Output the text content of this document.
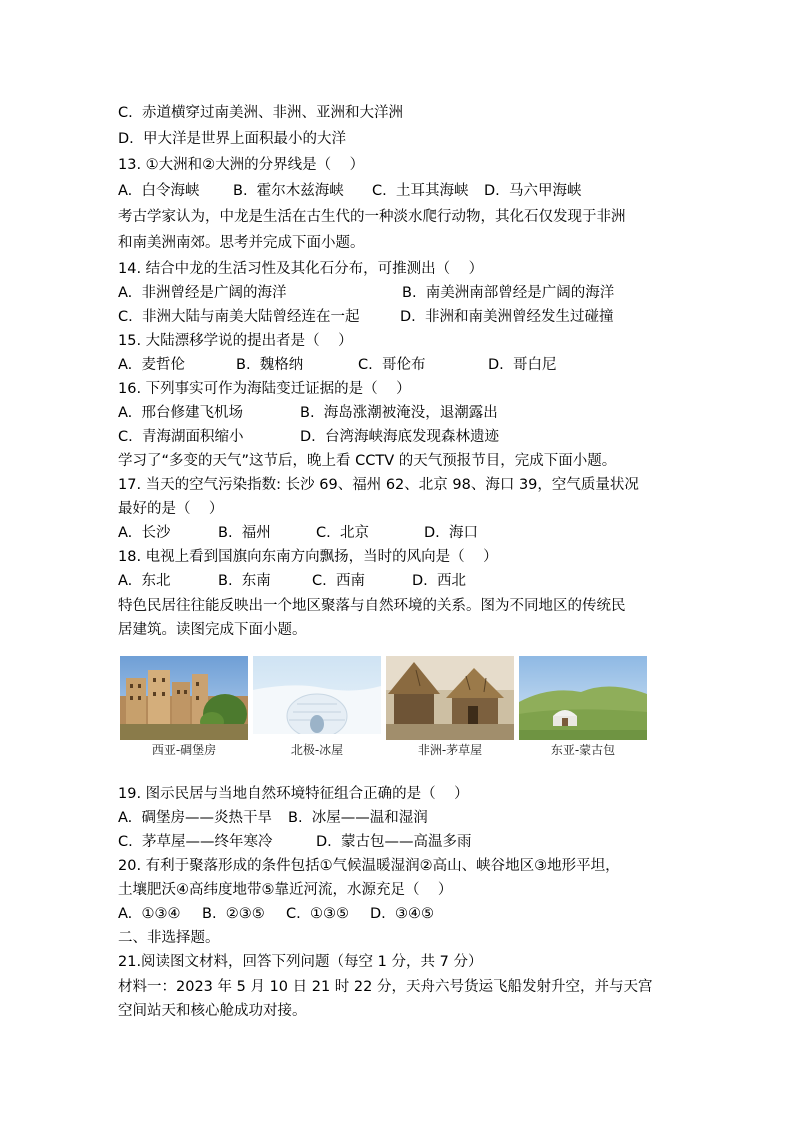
C.  赤道横穿过南美洲、非洲、亚洲和大洋洲
D.  甲大洋是世界上面积最小的大洋
13. ①大洲和②大洲的分界线是（    ）
A.  白令海峡 B.  霍尔木兹海峡 C.  土耳其海峡 D.  马六甲海峡
考古学家认为，中龙是生活在古生代的一种淡水爬行动物，其化石仅发现于非洲
和南美洲南郊。思考并完成下面小题。
14. 结合中龙的生活习性及其化石分布，可推测出（    ）
A.  非洲曾经是广阔的海洋	B.  南美洲南部曾经是广阔的海洋
C.  非洲大陆与南美大陆曾经连在一起	D.  非洲和南美洲曾经发生过碰撞
15. 大陆漂移学说的提出者是（    ）
A.  麦哲伦	B.  魏格纳	C.  哥伦布	D.  哥白尼
16. 下列事实可作为海陆变迁证据的是（    ）
A.  邢台修建飞机场	B.  海岛涨潮被淹没，退潮露出
C.  青海湖面积缩小	D.  台湾海峡海底发现森林遗迹
学习了“多变的天气”这节后，晚上看 CCTV 的天气预报节目，完成下面小题。
17. 当天的空气污染指数: 长沙 69、福州 62、北京 98、海口 39，空气质量状况
最好的是（    ）
A.  长沙	B.  福州	C.  北京	D.  海口
18. 电视上看到国旗向东南方向飘扬，当时的风向是（    ）
A.  东北	B.  东南	C.  西南	D.  西北
特色民居往往能反映出一个地区聚落与自然环境的关系。图为不同地区的传统民
居建筑。读图完成下面小题。
西亚-碉堡房	北极-冰屋	非洲-茅草屋	东亚-蒙古包
19. 图示民居与当地自然环境特征组合正确的是（    ）
A.  碉堡房——炎热干旱 B.  冰屋——温和湿润
C.  茅草屋——终年寒冷	D.  蒙古包——高温多雨
20. 有利于聚落形成的条件包括①气候温暖湿润②高山、峡谷地区③地形平坦，
土壤肥沃④高纬度地带⑤靠近河流，水源充足（    ）
A.  ①③④ B.  ②③⑤ C.  ①③⑤ D.  ③④⑤
二、非选择题。
21.阅读图文材料，回答下列问题（每空 1 分，共 7 分）
材料一：2023 年 5 月 10 日 21 时 22 分，天舟六号货运飞船发射升空，并与天宫
空间站天和核心舱成功对接。
